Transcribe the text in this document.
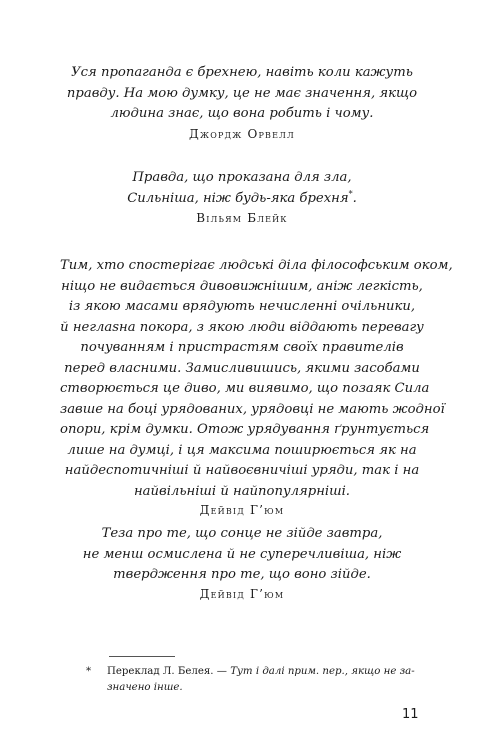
Уся пропаганда є брехнею, навіть коли кажуть
правду. На мою думку, це не має значення, якщо
людина знає, що вона робить і чому.
Джордж Орвелл
Правда, що проказана для зла,
Сильніша, ніж будь-яка брехня*.
Вільям Блейк
Тим, хто спостерігає людські діла філософським оком,
ніщо не видається дивовижнішим, аніж легкість,
із якою масами врядують нечисленні очільники,
й неглasна покора, з якою люди віддають перевагу
почуванням і пристрастям своїх правителів
перед власними. Замисливишись, якими засобами
створюється це диво, ми виявимо, що позаяк Сила
завше на боці урядованих, урядовці не мають жодної
опори, крім думки. Отож урядування ґрунтується
лише на думці, і ця максима поширюється як на
найдеспотичніші й найвоєвничіші уряди, так і на
найвільніші й найпопулярніші.
Дейвід Г’юм
Теза про те, що сонце не зійде завтра,
не менш осмислена й не суперечливіша, ніж
твердження про те, що воно зійде.
Дейвід Г’юм
* Переклад Л. Белея. — Тут і далі прим. пер., якщо не за-
значено інше.
11
